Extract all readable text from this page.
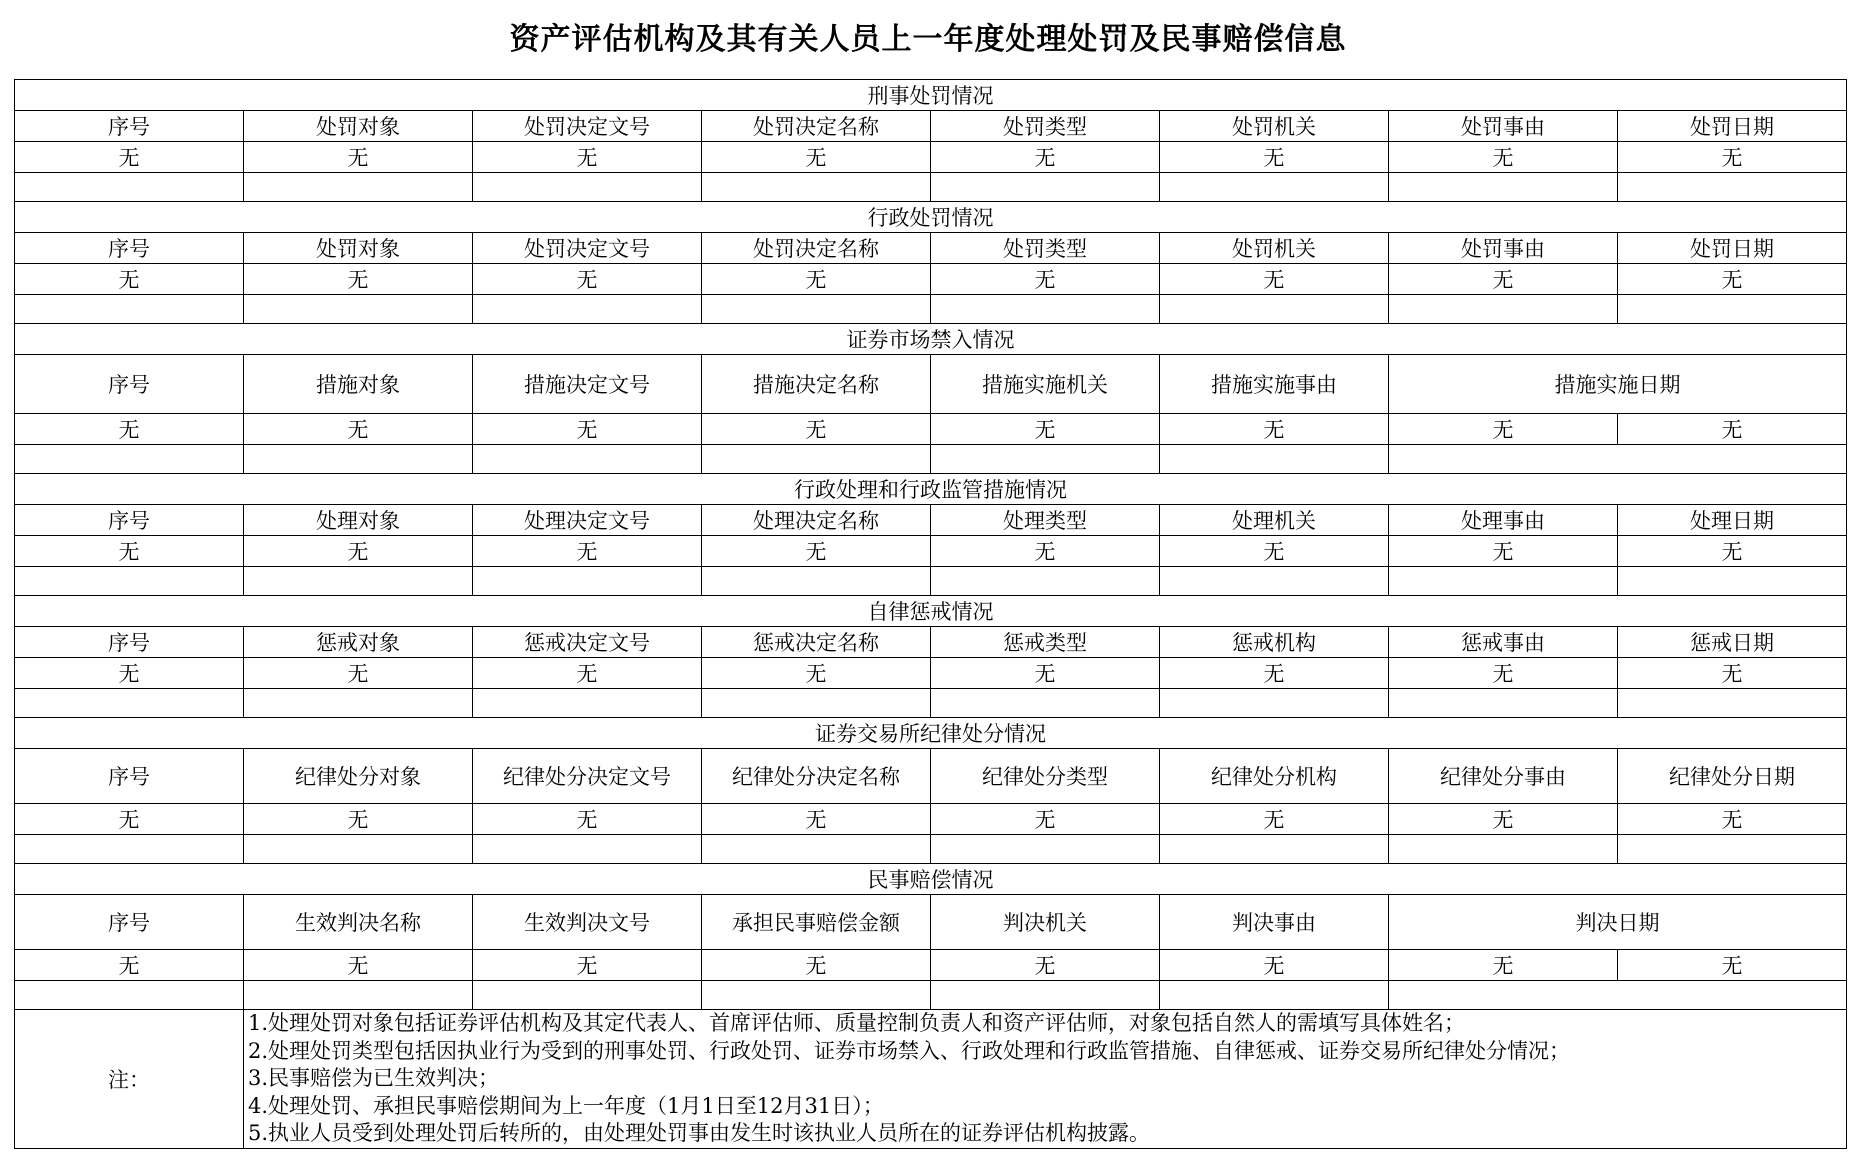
资产评估机构及其有关人员上一年度处理处罚及民事赔偿信息
刑事处罚情况							
序号	处罚对象	处罚决定文号	处罚决定名称	处罚类型	处罚机关	处罚事由	处罚日期
无	无	无	无	无	无	无	无

行政处罚情况							
序号	处罚对象	处罚决定文号	处罚决定名称	处罚类型	处罚机关	处罚事由	处罚日期
无	无	无	无	无	无	无	无

证券市场禁入情况							
序号	措施对象	措施决定文号	措施决定名称	措施实施机关	措施实施事由	措施实施日期	
无	无	无	无	无	无	无	无

行政处理和行政监管措施情况							
序号	处理对象	处理决定文号	处理决定名称	处理类型	处理机关	处理事由	处理日期
无	无	无	无	无	无	无	无

自律惩戒情况							
序号	惩戒对象	惩戒决定文号	惩戒决定名称	惩戒类型	惩戒机构	惩戒事由	惩戒日期
无	无	无	无	无	无	无	无

证券交易所纪律处分情况							
序号	纪律处分对象	纪律处分决定文号	纪律处分决定名称	纪律处分类型	纪律处分机构	纪律处分事由	纪律处分日期
无	无	无	无	无	无	无	无

民事赔偿情况							
序号	生效判决名称	生效判决文号	承担民事赔偿金额	判决机关	判决事由	判决日期	
无	无	无	无	无	无	无	无

注：	1.处理处罚对象包括证券评估机构及其定代表人、首席评估师、质量控制负责人和资产评估师，对象包括自然人的需填写具体姓名；
2.处理处罚类型包括因执业行为受到的刑事处罚、行政处罚、证券市场禁入、行政处理和行政监管措施、自律惩戒、证券交易所纪律处分情况；
3.民事赔偿为已生效判决；
4.处理处罚、承担民事赔偿期间为上一年度（1月1日至12月31日）；
5.执业人员受到处理处罚后转所的，由处理处罚事由发生时该执业人员所在的证券评估机构披露。						
